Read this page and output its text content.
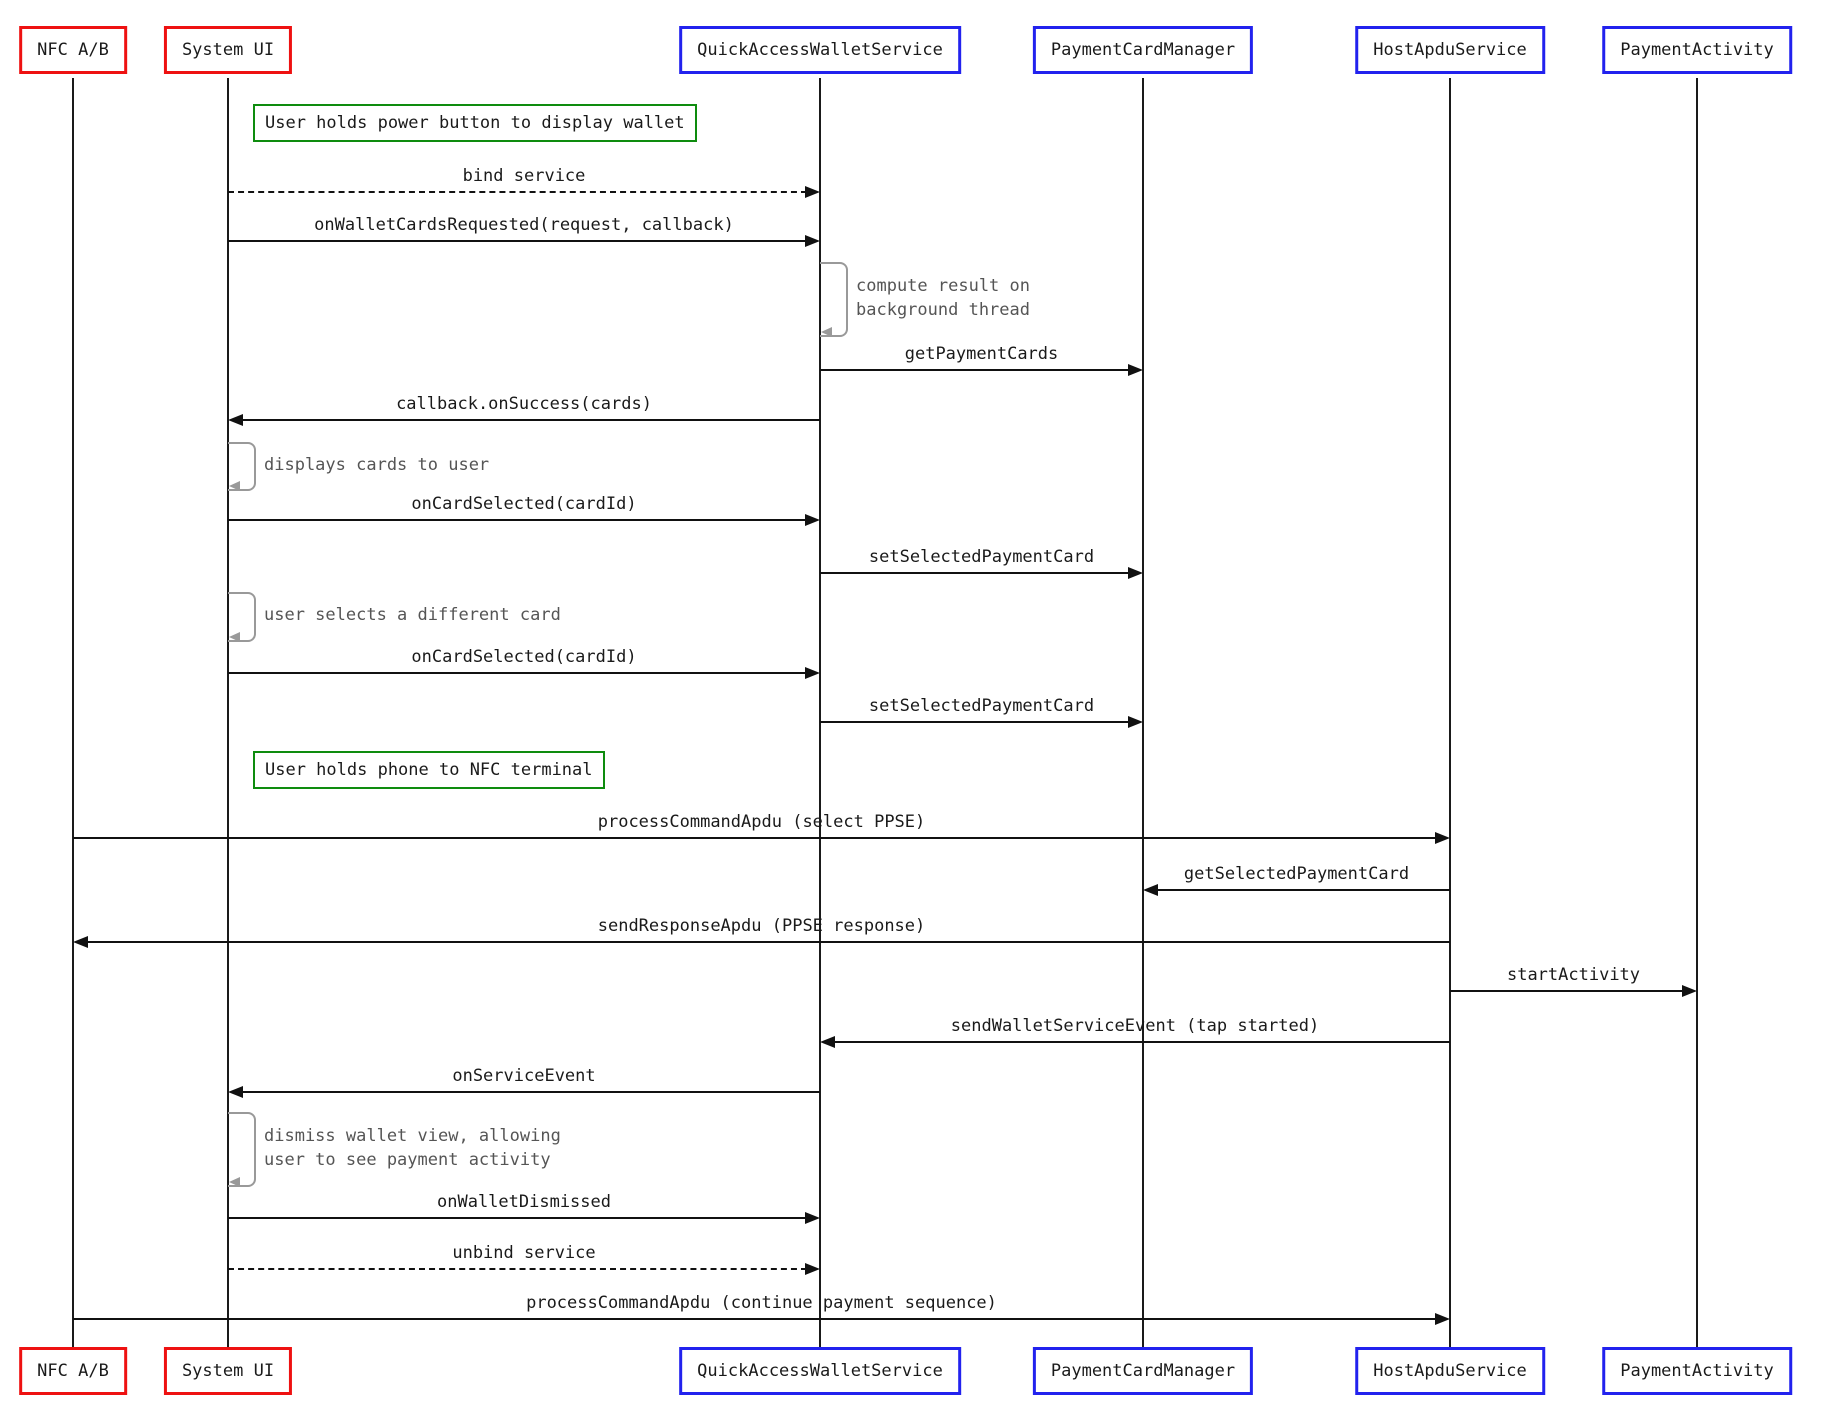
NFC A/B
NFC A/B
System UI
System UI
QuickAccessWalletService
QuickAccessWalletService
PaymentCardManager
PaymentCardManager
HostApduService
HostApduService
PaymentActivity
PaymentActivity
User holds power button to display wallet
User holds phone to NFC terminal
bind service
onWalletCardsRequested(request, callback)
getPaymentCards
callback.onSuccess(cards)
onCardSelected(cardId)
setSelectedPaymentCard
onCardSelected(cardId)
setSelectedPaymentCard
processCommandApdu (select PPSE)
getSelectedPaymentCard
sendResponseApdu (PPSE response)
startActivity
sendWalletServiceEvent (tap started)
onServiceEvent
onWalletDismissed
unbind service
processCommandApdu (continue payment sequence)
compute result on
background thread
displays cards to user
user selects a different card
dismiss wallet view, allowing
user to see payment activity
